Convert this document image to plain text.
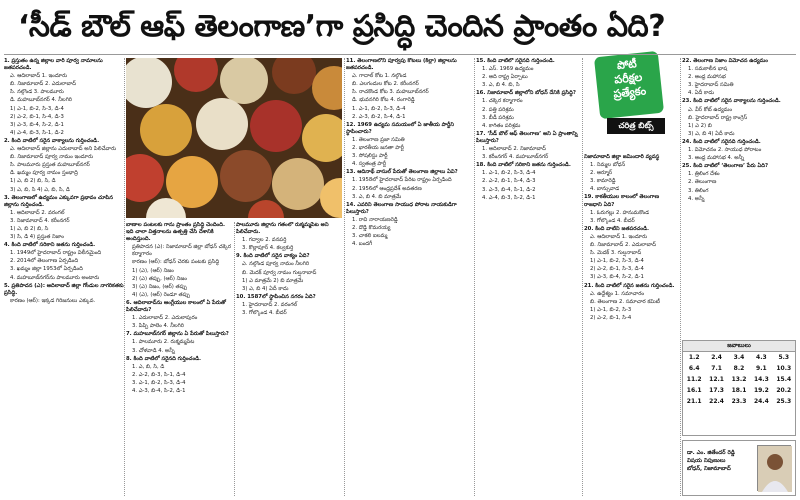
‘సీడ్ బౌల్ ఆఫ్ తెలంగాణ’గా ప్రసిద్ధి చెందిన ప్రాంతం ఏది?
పోటీ
పరీక్షల
ప్రత్యేకం
చరిత్ర బిట్స్

1. ప్రస్తుతం ఉన్న జిల్లాల వారీ పూర్వ నామాలను జతపరచండి.

ఎ. ఆదిలాబాద్ 1. ఇందూరు

బి. నిజామాబాద్ 2. ఎదులాబాద్

సి. నల్గొండ 3. పాలమూరు

డి. మహబూబ్‌నగర్ 4. నీలగిరి

1) ఎ-1, బి-2, సి-3, డి-4

2) ఎ-2, బి-1, సి-4, డి-3

3) ఎ-3, బి-4, సి-2, డి-1

4) ఎ-4, బి-3, సి-1, డి-2

2. కింది వాటిలో సరైన వాక్యాలను గుర్తించండి.

ఎ. ఆదిలాబాద్ జిల్లాను ఎదులాబాద్ అని పిలిచేవారు

బి. నిజామాబాద్ పూర్వ నామం ఇందూరు

సి. పాలమూరు ప్రస్తుత మహబూబ్‌నగర్

డి. ఖమ్మం పూర్వ నామం స్తంభాద్రి

1) ఎ, బి 2) బి, సి, డి

3) ఎ, బి, సి 4) ఎ, బి, సి, డి

3. తెలంగాణలో ఉద్యమం ఎక్కువగా ప్రభావం చూపిన జిల్లాను గుర్తించండి.

1. ఆదిలాబాద్ 2. వరంగల్

3. నిజామాబాద్ 4. కరీంనగర్

1) ఎ, బి 2) బి, సి

3) సి, డి 4) ప్రస్తుత నిజాం

4. కింది వాటిలో సరికాని జతను గుర్తించండి.

1. 1949లో హైదరాబాద్ రాష్ట్రం విలీనమైంది

2. 2014లో తెలంగాణ ఏర్పడింది

3. ఖమ్మం జిల్లా 1953లో ఏర్పడింది

4. మహబూబ్‌నగర్‌ను పాలమూరు అంటారు

5. ప్రతిపాదన (ఎ): ఆదిలాబాద్ జిల్లా గోండుల నాగరికతకు ప్రసిద్ధి.

కారణం (ఆర్): ఇక్కడ గిరిజనులు ఎక్కువ.

బాణాల పంటలకు గాను ప్రాంతం ప్రసిద్ధి చెందింది. ఇది చాలా విత్తనాలను ఉత్పత్తి చేసి దేశానికి అందిస్తుంది.

ప్రతిపాదన (ఎ): నిజామాబాద్ జిల్లా బోధన్ చక్కెర కర్మాగారం

కారణం (ఆర్): బోధన్ చెరకు పంటకు ప్రసిద్ధి

1) (ఎ), (ఆర్) నిజం

2) (ఎ) తప్పు, (ఆర్) నిజం

3) (ఎ) నిజం, (ఆర్) తప్పు

4) (ఎ), (ఆర్) రెండూ తప్పు

6. ఆదిలాబాద్‌ను ఆంగ్లేయుల కాలంలో ఏ పేరుతో పిలిచేవారు?

1. ఎదులాబాద్ 2. ఎదులాపురం

3. పిప్పి పాలెం 4. నీలగిరి

7. మహబూబ్‌నగర్ జిల్లాను ఏ పేరుతో పిలుస్తారు?

1. పాలమూరు 2. రుక్మమ్మపేట

3. చోళవాడి 4. అన్నీ

8. కింది వాటిలో సరైనది గుర్తించండి.

1. ఎ, బి, సి, డి

2. ఎ-2, బి-3, సి-1, డి-4

3. ఎ-1, బి-2, సి-3, డి-4

4. ఎ-3, బి-4, సి-2, డి-1

పాలమూరు జిల్లాను గతంలో రుక్మమ్మపేట అని పిలిచేవారు.

1. గద్వాల 2. వనపర్తి

3. కొల్లాపూర్ 4. కల్వకుర్తి

9. కింది వాటిలో సరైన వాక్యం ఏది?

ఎ. నల్గొండ పూర్వ నామం నీలగిరి

బి. మెదక్ పూర్వ నామం గుల్షనాబాద్

1) ఎ మాత్రమే 2) బి మాత్రమే

3) ఎ, బి 4) ఏదీ కాదు

10. 1587లో స్థాపించిన నగరం ఏది?

1. హైదరాబాద్ 2. వరంగల్

3. గోల్కొండ 4. బీదర్

11. తెలంగాణలోని పూర్వపు కోటలు (కిల్లా) జిల్లాలను జతపరచండి.

ఎ. గాదాల్ కోట 1. నల్గొండ

బి. ఎలగందుల కోట 2. కరీంనగర్

సి. రాచకొండ కోట 3. మహబూబ్‌నగర్

డి. భువనగిరి కోట 4. రంగారెడ్డి

1. ఎ-1, బి-2, సి-3, డి-4

2. ఎ-3, బి-2, సి-4, డి-1

12. 1969 ఉద్యమ సమయంలో ఏ జాతీయ పార్టీని స్థాపించారు?

1. తెలంగాణ ప్రజా సమితి

2. భారతీయ జనతా పార్టీ

3. సోషలిస్టు పార్టీ

4. స్వతంత్ర పార్టీ

13. ఆదినాథ్ వాసుల్ పేరుతో తెలంగాణ జిల్లాలు ఏవి?

1. 1958లో హైదరాబాద్ పేరిట రాష్ట్రం ఏర్పడింది

2. 1956లో ఆంధ్రప్రదేశ్ అవతరణ

3. ఎ, బి 4. బి మాత్రమే

14. ఎవరిని తెలంగాణ సాయుధ పోరాట నాయకుడిగా పిలుస్తారు?

1. రావి నారాయణరెడ్డి

2. దొడ్డి కొమరయ్య

3. చాకలి ఐలమ్మ

4. బందగీ

15. కింది వాటిలో సరైనది గుర్తించండి.

1. ఎస్. 1969 ఉద్యమం

2. ఆది రాష్ట్ర ఏర్పాటు

3. ఎ, బి 4. బి, సి

16. నిజామాబాద్ జిల్లాలోని బోధన్ దేనికి ప్రసిద్ధి?

1. చక్కెర కర్మాగారం

2. పత్తి పరిశ్రమ

3. బీడీ పరిశ్రమ

4. కాగితం పరిశ్రమ

17. ‘సీడ్ బౌల్ ఆఫ్ తెలంగాణ’ అని ఏ ప్రాంతాన్ని పిలుస్తారు?

1. ఆదిలాబాద్ 2. నిజామాబాద్

3. కరీంనగర్ 4. మహబూబ్‌నగర్

18. కింది వాటిలో సరికాని జతను గుర్తించండి.

1. ఎ-1, బి-2, సి-3, డి-4

2. ఎ-2, బి-1, సి-4, డి-3

3. ఎ-3, బి-4, సి-1, డి-2

4. ఎ-4, బి-3, సి-2, డి-1

నిజామాబాద్ జిల్లా జమీందారీ వ్యవస్థ

1. నిమ్మల బోధన్

2. ఆర్మూర్

3. కామారెడ్డి

4. బాన్సువాడ

19. కాకతీయుల కాలంలో తెలంగాణ రాజధాని ఏది?

1. ఓరుగల్లు 2. హనుమకొండ

3. గోల్కొండ 4. బీదర్

20. కింది వాటిని జతపరచండి.

ఎ. ఆదిలాబాద్ 1. ఇందూరు

బి. నిజామాబాద్ 2. ఎదులాబాద్

సి. మెదక్ 3. గుల్షనాబాద్

1) ఎ-1, బి-2, సి-3, డి-4

2) ఎ-2, బి-1, సి-3, డి-4

3) ఎ-3, బి-4, సి-2, డి-1

21. కింది వాటిలో సరైన జతను గుర్తించండి.

ఎ. ఉద్దేశ్యం 1. సమాచారం

బి. తెలంగాణ 2. సమాచార కమిటీ

1) ఎ-1, బి-2, సి-3

2) ఎ-2, బి-1, సి-4

22. తెలంగాణ నిజాం విమోచన ఉద్యమం

1. సమకాలీన భాష

2. ఆంధ్ర మహాసభ

3. హైదరాబాద్ సమితి

4. ఏదీ కాదు

23. కింది వాటిలో సరైన వాక్యాలను గుర్తించండి.

ఎ. వీర్ కోట్ ఉద్యమం

బి. హైదరాబాద్ రాష్ట్ర కాంగ్రెస్

1) ఎ 2) బి

3) ఎ, బి 4) ఏదీ కాదు

24. కింది వాటిలో సరైనది గుర్తించండి.

1. విమోచనం 2. సాయుధ పోరాటం

3. ఆంధ్ర మహాసభ 4. అన్నీ

25. కింది వాటిలో ‘తెలంగాణ’ పేరు ఏది?

1. త్రిలింగ దేశం

2. తెలుంగాణ

3. తిలింగ

4. అన్నీ

జవాబులు
1.2	2.4	3.4	4.3	5.3
6.4	7.1	8.2	9.1	10.3
11.2	12.1	13.2	14.3	15.4
16.1	17.3	18.1	19.2	20.2
21.1	22.4	23.3	24.4	25.3
డా. ఎం. జితేందర్ రెడ్డి
విషయ నిపుణులు
బోధన్, నిజామాబాద్
